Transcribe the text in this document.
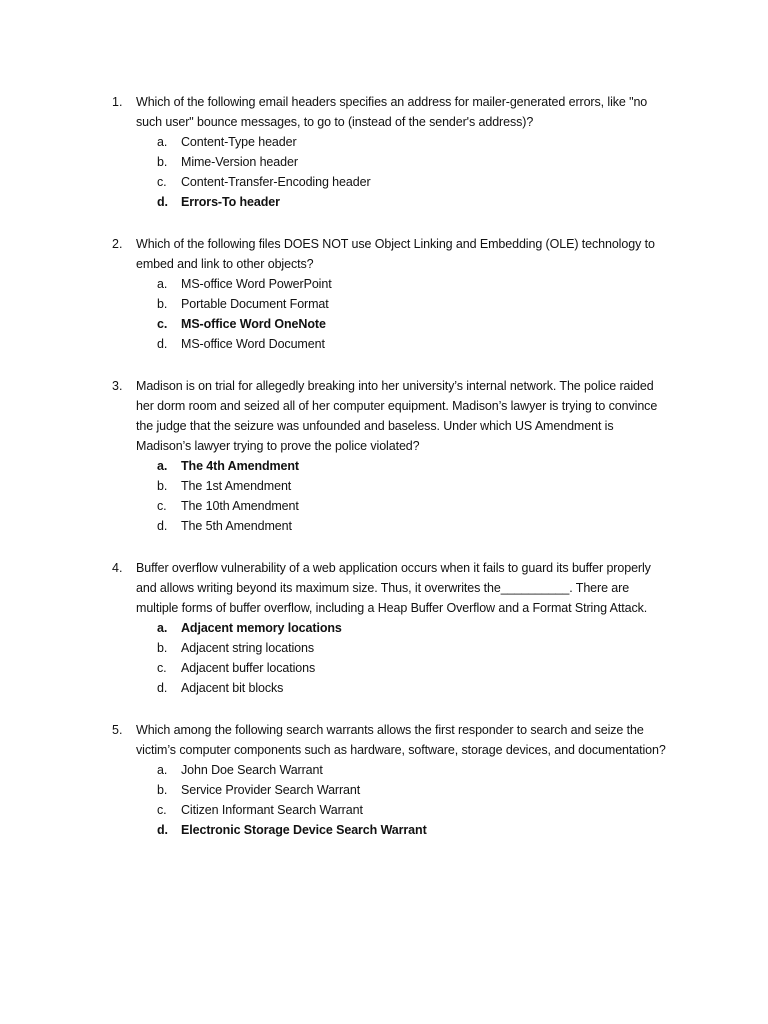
1. Which of the following email headers specifies an address for mailer-generated errors, like "no such user" bounce messages, to go to (instead of the sender's address)?
a. Content-Type header
b. Mime-Version header
c. Content-Transfer-Encoding header
d. Errors-To header
2. Which of the following files DOES NOT use Object Linking and Embedding (OLE) technology to embed and link to other objects?
a. MS-office Word PowerPoint
b. Portable Document Format
c. MS-office Word OneNote
d. MS-office Word Document
3. Madison is on trial for allegedly breaking into her university’s internal network. The police raided her dorm room and seized all of her computer equipment. Madison’s lawyer is trying to convince the judge that the seizure was unfounded and baseless. Under which US Amendment is Madison’s lawyer trying to prove the police violated?
a. The 4th Amendment
b. The 1st Amendment
c. The 10th Amendment
d. The 5th Amendment
4. Buffer overflow vulnerability of a web application occurs when it fails to guard its buffer properly and allows writing beyond its maximum size. Thus, it overwrites the__________. There are multiple forms of buffer overflow, including a Heap Buffer Overflow and a Format String Attack.
a. Adjacent memory locations
b. Adjacent string locations
c. Adjacent buffer locations
d. Adjacent bit blocks
5. Which among the following search warrants allows the first responder to search and seize the victim’s computer components such as hardware, software, storage devices, and documentation?
a. John Doe Search Warrant
b. Service Provider Search Warrant
c. Citizen Informant Search Warrant
d. Electronic Storage Device Search Warrant
